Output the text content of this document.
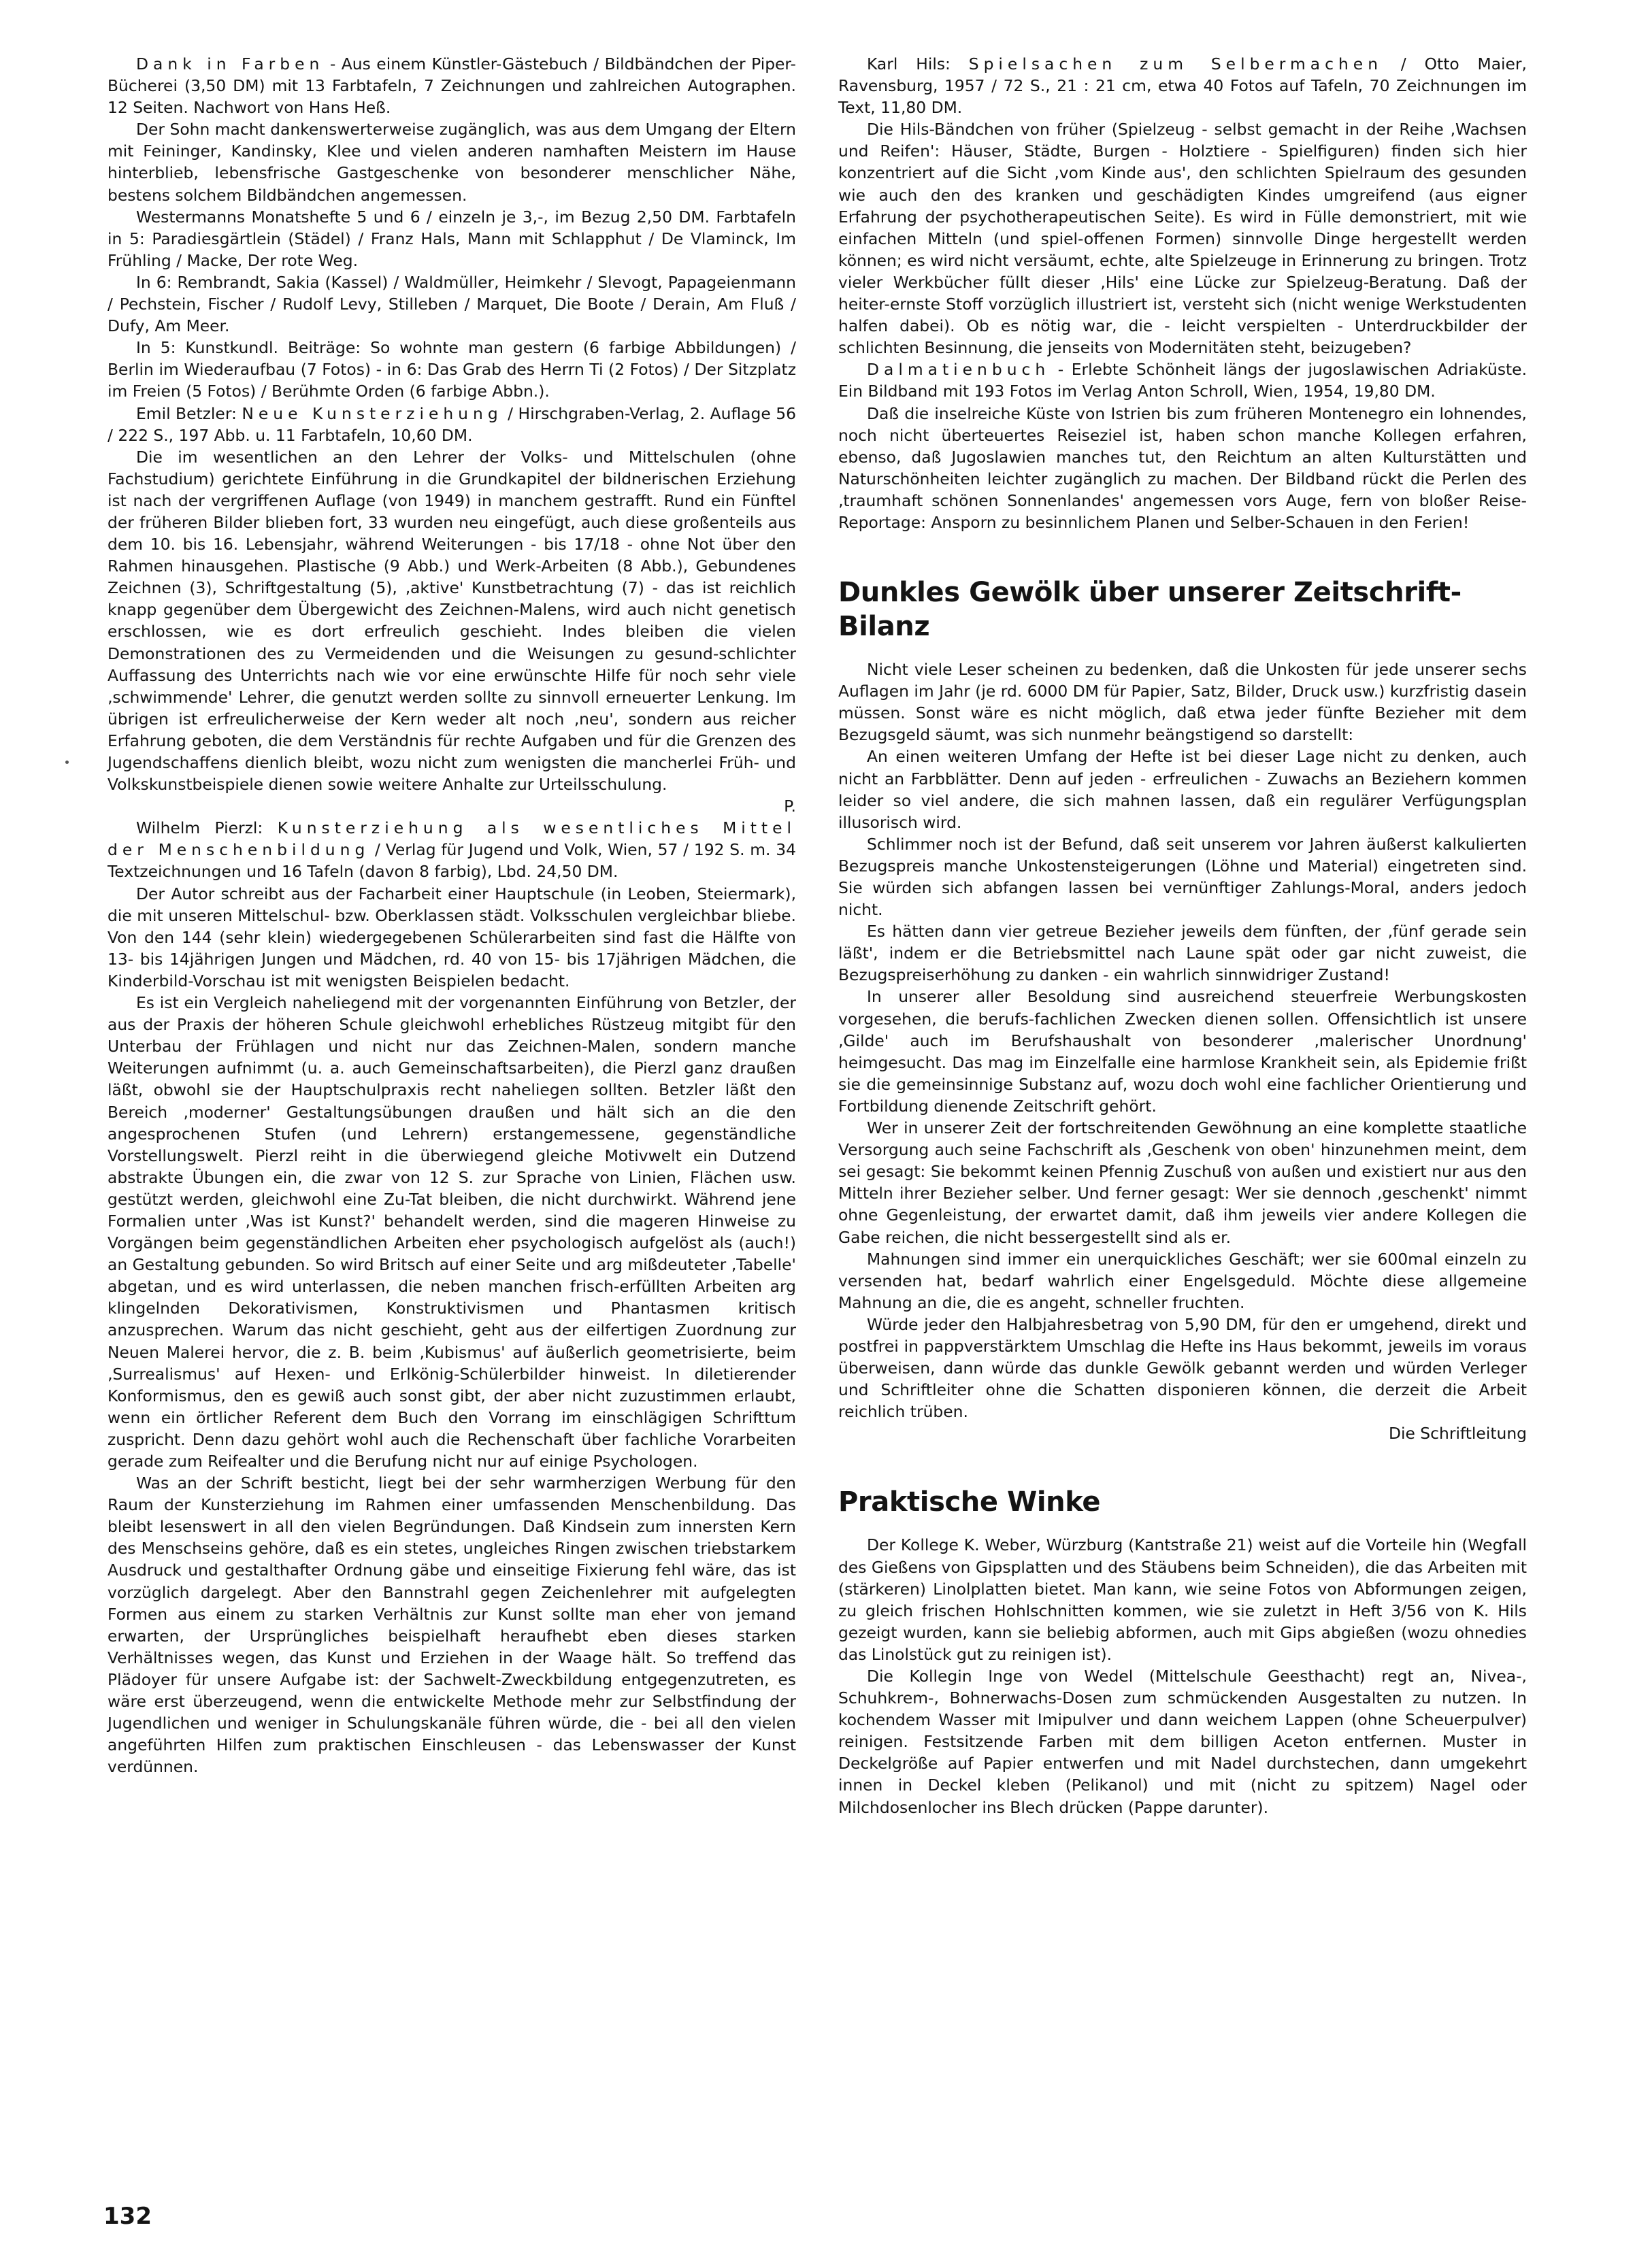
Dank in Farben - Aus einem Künstler-Gästebuch / Bildbändchen der Piper-Bücherei (3,50 DM) mit 13 Farbtafeln, 7 Zeichnungen und zahlreichen Autographen. 12 Seiten. Nachwort von Hans Heß.

Der Sohn macht dankenswerterweise zugänglich, was aus dem Umgang der Eltern mit Feininger, Kandinsky, Klee und vielen anderen namhaften Meistern im Hause hinterblieb, lebensfrische Gastgeschenke von besonderer menschlicher Nähe, bestens solchem Bildbändchen angemessen.

Westermanns Monatshefte 5 und 6 / einzeln je 3,-, im Bezug 2,50 DM. Farbtafeln in 5: Paradiesgärtlein (Städel) / Franz Hals, Mann mit Schlapphut / De Vlaminck, Im Frühling / Macke, Der rote Weg.

In 6: Rembrandt, Sakia (Kassel) / Waldmüller, Heimkehr / Slevogt, Papageienmann / Pechstein, Fischer / Rudolf Levy, Stilleben / Marquet, Die Boote / Derain, Am Fluß / Dufy, Am Meer.

In 5: Kunstkundl. Beiträge: So wohnte man gestern (6 farbige Abbildungen) / Berlin im Wiederaufbau (7 Fotos) - in 6: Das Grab des Herrn Ti (2 Fotos) / Der Sitzplatz im Freien (5 Fotos) / Berühmte Orden (6 farbige Abbn.).

Emil Betzler: Neue Kunsterziehung / Hirschgraben-Verlag, 2. Auflage 56 / 222 S., 197 Abb. u. 11 Farbtafeln, 10,60 DM.

Die im wesentlichen an den Lehrer der Volks- und Mittelschulen (ohne Fachstudium) gerichtete Einführung in die Grundkapitel der bildnerischen Erziehung ist nach der vergriffenen Auflage (von 1949) in manchem gestrafft. Rund ein Fünftel der früheren Bilder blieben fort, 33 wurden neu eingefügt, auch diese großenteils aus dem 10. bis 16. Lebensjahr, während Weiterungen - bis 17/18 - ohne Not über den Rahmen hinausgehen. Plastische (9 Abb.) und Werk-Arbeiten (8 Abb.), Gebundenes Zeichnen (3), Schriftgestaltung (5), ‚aktive' Kunstbetrachtung (7) - das ist reichlich knapp gegenüber dem Übergewicht des Zeichnen-Malens, wird auch nicht genetisch erschlossen, wie es dort erfreulich geschieht. Indes bleiben die vielen Demonstrationen des zu Vermeidenden und die Weisungen zu gesund-schlichter Auffassung des Unterrichts nach wie vor eine erwünschte Hilfe für noch sehr viele ‚schwimmende' Lehrer, die genutzt werden sollte zu sinnvoll erneuerter Lenkung. Im übrigen ist erfreulicherweise der Kern weder alt noch ‚neu', sondern aus reicher Erfahrung geboten, die dem Verständnis für rechte Aufgaben und für die Grenzen des Jugendschaffens dienlich bleibt, wozu nicht zum wenigsten die mancherlei Früh- und Volkskunstbeispiele dienen sowie weitere Anhalte zur Urteilsschulung.

P.

Wilhelm Pierzl: Kunsterziehung als wesentliches Mittel der Menschenbildung / Verlag für Jugend und Volk, Wien, 57 / 192 S. m. 34 Textzeichnungen und 16 Tafeln (davon 8 farbig), Lbd. 24,50 DM.

Der Autor schreibt aus der Facharbeit einer Hauptschule (in Leoben, Steiermark), die mit unseren Mittelschul- bzw. Oberklassen städt. Volksschulen vergleichbar bliebe. Von den 144 (sehr klein) wiedergegebenen Schülerarbeiten sind fast die Hälfte von 13- bis 14jährigen Jungen und Mädchen, rd. 40 von 15- bis 17jährigen Mädchen, die Kinderbild-Vorschau ist mit wenigsten Beispielen bedacht.

Es ist ein Vergleich naheliegend mit der vorgenannten Einführung von Betzler, der aus der Praxis der höheren Schule gleichwohl erhebliches Rüstzeug mitgibt für den Unterbau der Frühlagen und nicht nur das Zeichnen-Malen, sondern manche Weiterungen aufnimmt (u. a. auch Gemeinschaftsarbeiten), die Pierzl ganz draußen läßt, obwohl sie der Hauptschulpraxis recht naheliegen sollten. Betzler läßt den Bereich ‚moderner' Gestaltungsübungen draußen und hält sich an die den angesprochenen Stufen (und Lehrern) erstangemessene, gegenständliche Vorstellungswelt. Pierzl reiht in die überwiegend gleiche Motivwelt ein Dutzend abstrakte Übungen ein, die zwar von 12 S. zur Sprache von Linien, Flächen usw. gestützt werden, gleichwohl eine Zu-Tat bleiben, die nicht durchwirkt. Während jene Formalien unter ‚Was ist Kunst?' behandelt werden, sind die mageren Hinweise zu Vorgängen beim gegenständlichen Arbeiten eher psychologisch aufgelöst als (auch!) an Gestaltung gebunden. So wird Britsch auf einer Seite und arg mißdeuteter ‚Tabelle' abgetan, und es wird unterlassen, die neben manchen frisch-erfüllten Arbeiten arg klingelnden Dekorativismen, Konstruktivismen und Phantasmen kritisch anzusprechen. Warum das nicht geschieht, geht aus der eilfertigen Zuordnung zur Neuen Malerei hervor, die z. B. beim ‚Kubismus' auf äußerlich geometrisierte, beim ‚Surrealismus' auf Hexen- und Erlkönig-Schülerbilder hinweist. In diletierender Konformismus, den es gewiß auch sonst gibt, der aber nicht zuzustimmen erlaubt, wenn ein örtlicher Referent dem Buch den Vorrang im einschlägigen Schrifttum zuspricht. Denn dazu gehört wohl auch die Rechenschaft über fachliche Vorarbeiten gerade zum Reifealter und die Berufung nicht nur auf einige Psychologen.

Was an der Schrift besticht, liegt bei der sehr warmherzigen Werbung für den Raum der Kunsterziehung im Rahmen einer umfassenden Menschenbildung. Das bleibt lesenswert in all den vielen Begründungen. Daß Kindsein zum innersten Kern des Menschseins gehöre, daß es ein stetes, ungleiches Ringen zwischen triebstarkem Ausdruck und gestalthafter Ordnung gäbe und einseitige Fixierung fehl wäre, das ist vorzüglich dargelegt. Aber den Bannstrahl gegen Zeichenlehrer mit aufgelegten Formen aus einem zu starken Verhältnis zur Kunst sollte man eher von jemand erwarten, der Ursprüngliches beispielhaft heraufhebt eben dieses starken Verhältnisses wegen, das Kunst und Erziehen in der Waage hält. So treffend das Plädoyer für unsere Aufgabe ist: der Sachwelt-Zweckbildung entgegenzutreten, es wäre erst überzeugend, wenn die entwickelte Methode mehr zur Selbstfindung der Jugendlichen und weniger in Schulungskanäle führen würde, die - bei all den vielen angeführten Hilfen zum praktischen Einschleusen - das Lebenswasser der Kunst verdünnen.

Karl Hils: Spielsachen zum Selbermachen / Otto Maier, Ravensburg, 1957 / 72 S., 21 : 21 cm, etwa 40 Fotos auf Tafeln, 70 Zeichnungen im Text, 11,80 DM.

Die Hils-Bändchen von früher (Spielzeug - selbst gemacht in der Reihe ‚Wachsen und Reifen': Häuser, Städte, Burgen - Holztiere - Spielfiguren) finden sich hier konzentriert auf die Sicht ‚vom Kinde aus', den schlichten Spielraum des gesunden wie auch den des kranken und geschädigten Kindes umgreifend (aus eigner Erfahrung der psychotherapeutischen Seite). Es wird in Fülle demonstriert, mit wie einfachen Mitteln (und spiel-offenen Formen) sinnvolle Dinge hergestellt werden können; es wird nicht versäumt, echte, alte Spielzeuge in Erinnerung zu bringen. Trotz vieler Werkbücher füllt dieser ‚Hils' eine Lücke zur Spielzeug-Beratung. Daß der heiter-ernste Stoff vorzüglich illustriert ist, versteht sich (nicht wenige Werkstudenten halfen dabei). Ob es nötig war, die - leicht verspielten - Unterdruckbilder der schlichten Besinnung, die jenseits von Modernitäten steht, beizugeben?

Dalmatienbuch - Erlebte Schönheit längs der jugoslawischen Adriaküste. Ein Bildband mit 193 Fotos im Verlag Anton Schroll, Wien, 1954, 19,80 DM.

Daß die inselreiche Küste von Istrien bis zum früheren Montenegro ein lohnendes, noch nicht überteuertes Reiseziel ist, haben schon manche Kollegen erfahren, ebenso, daß Jugoslawien manches tut, den Reichtum an alten Kulturstätten und Naturschönheiten leichter zugänglich zu machen. Der Bildband rückt die Perlen des ‚traumhaft schönen Sonnenlandes' angemessen vors Auge, fern von bloßer Reise-Reportage: Ansporn zu besinnlichem Planen und Selber-Schauen in den Ferien!

Dunkles Gewölk über unserer Zeitschrift-Bilanz

Nicht viele Leser scheinen zu bedenken, daß die Unkosten für jede unserer sechs Auflagen im Jahr (je rd. 6000 DM für Papier, Satz, Bilder, Druck usw.) kurzfristig dasein müssen. Sonst wäre es nicht möglich, daß etwa jeder fünfte Bezieher mit dem Bezugsgeld säumt, was sich nunmehr beängstigend so darstellt:

An einen weiteren Umfang der Hefte ist bei dieser Lage nicht zu denken, auch nicht an Farbblätter. Denn auf jeden - erfreulichen - Zuwachs an Beziehern kommen leider so viel andere, die sich mahnen lassen, daß ein regulärer Verfügungsplan illusorisch wird.

Schlimmer noch ist der Befund, daß seit unserem vor Jahren äußerst kalkulierten Bezugspreis manche Unkostensteigerungen (Löhne und Material) eingetreten sind. Sie würden sich abfangen lassen bei vernünftiger Zahlungs-Moral, anders jedoch nicht.

Es hätten dann vier getreue Bezieher jeweils dem fünften, der ‚fünf gerade sein läßt', indem er die Betriebsmittel nach Laune spät oder gar nicht zuweist, die Bezugspreiserhöhung zu danken - ein wahrlich sinnwidriger Zustand!

In unserer aller Besoldung sind ausreichend steuerfreie Werbungskosten vorgesehen, die berufs-fachlichen Zwecken dienen sollen. Offensichtlich ist unsere ‚Gilde' auch im Berufshaushalt von besonderer ‚malerischer Unordnung' heimgesucht. Das mag im Einzelfalle eine harmlose Krankheit sein, als Epidemie frißt sie die gemeinsinnige Substanz auf, wozu doch wohl eine fachlicher Orientierung und Fortbildung dienende Zeitschrift gehört.

Wer in unserer Zeit der fortschreitenden Gewöhnung an eine komplette staatliche Versorgung auch seine Fachschrift als ‚Geschenk von oben' hinzunehmen meint, dem sei gesagt: Sie bekommt keinen Pfennig Zuschuß von außen und existiert nur aus den Mitteln ihrer Bezieher selber. Und ferner gesagt: Wer sie dennoch ‚geschenkt' nimmt ohne Gegenleistung, der erwartet damit, daß ihm jeweils vier andere Kollegen die Gabe reichen, die nicht bessergestellt sind als er.

Mahnungen sind immer ein unerquickliches Geschäft; wer sie 600mal einzeln zu versenden hat, bedarf wahrlich einer Engelsgeduld. Möchte diese allgemeine Mahnung an die, die es angeht, schneller fruchten.

Würde jeder den Halbjahresbetrag von 5,90 DM, für den er umgehend, direkt und postfrei in pappverstärktem Umschlag die Hefte ins Haus bekommt, jeweils im voraus überweisen, dann würde das dunkle Gewölk gebannt werden und würden Verleger und Schriftleiter ohne die Schatten disponieren können, die derzeit die Arbeit reichlich trüben.

Die Schriftleitung

Praktische Winke

Der Kollege K. Weber, Würzburg (Kantstraße 21) weist auf die Vorteile hin (Wegfall des Gießens von Gipsplatten und des Stäubens beim Schneiden), die das Arbeiten mit (stärkeren) Linolplatten bietet. Man kann, wie seine Fotos von Abformungen zeigen, zu gleich frischen Hohlschnitten kommen, wie sie zuletzt in Heft 3/56 von K. Hils gezeigt wurden, kann sie beliebig abformen, auch mit Gips abgießen (wozu ohnedies das Linolstück gut zu reinigen ist).

Die Kollegin Inge von Wedel (Mittelschule Geesthacht) regt an, Nivea-, Schuhkrem-, Bohnerwachs-Dosen zum schmückenden Ausgestalten zu nutzen. In kochendem Wasser mit Imipulver und dann weichem Lappen (ohne Scheuerpulver) reinigen. Festsitzende Farben mit dem billigen Aceton entfernen. Muster in Deckelgröße auf Papier entwerfen und mit Nadel durchstechen, dann umgekehrt innen in Deckel kleben (Pelikanol) und mit (nicht zu spitzem) Nagel oder Milchdosenlocher ins Blech drücken (Pappe darunter).

132
